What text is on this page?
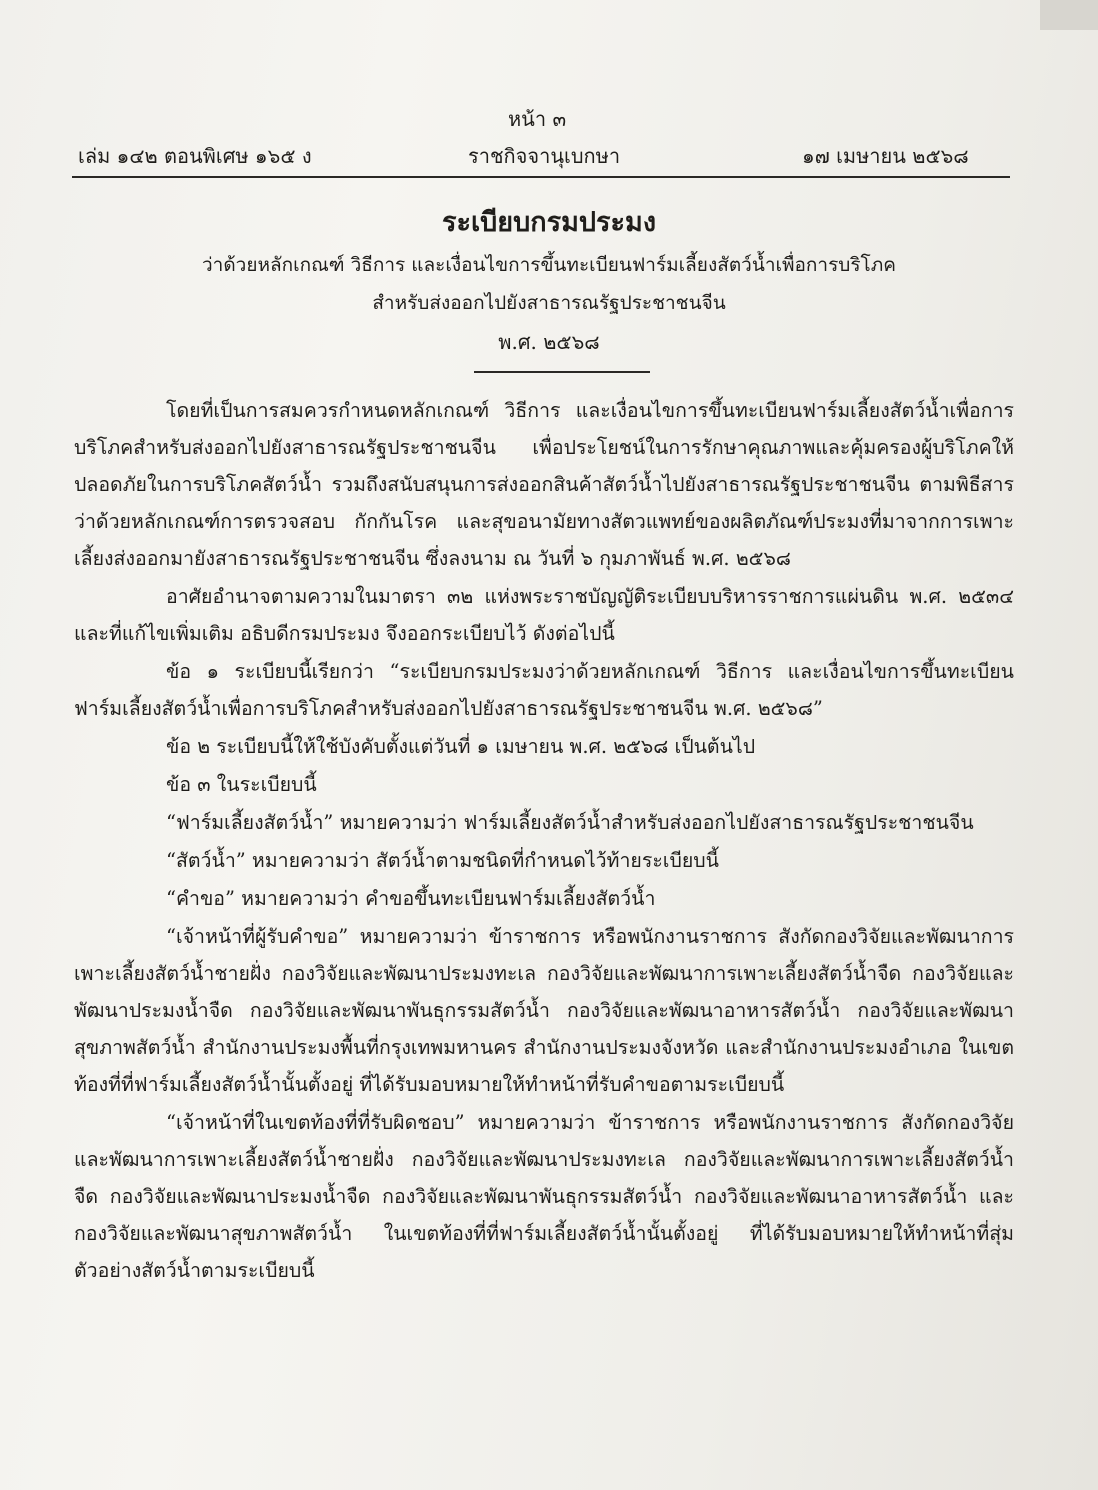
หน้า ๓
เล่ม ๑๔๒ ตอนพิเศษ ๑๖๕ ง	ราชกิจจานุเบกษา	๑๗ เมษายน ๒๕๖๘
ระเบียบกรมประมง
ว่าด้วยหลักเกณฑ์ วิธีการ และเงื่อนไขการขึ้นทะเบียนฟาร์มเลี้ยงสัตว์น้ำเพื่อการบริโภค
สำหรับส่งออกไปยังสาธารณรัฐประชาชนจีน
พ.ศ. ๒๕๖๘

โดยที่เป็นการสมควรกำหนดหลักเกณฑ์ วิธีการ และเงื่อนไขการขึ้นทะเบียนฟาร์มเลี้ยงสัตว์น้ำเพื่อการบริโภคสำหรับส่งออกไปยังสาธารณรัฐประชาชนจีน เพื่อประโยชน์ในการรักษาคุณภาพและคุ้มครองผู้บริโภคให้ปลอดภัยในการบริโภคสัตว์น้ำ รวมถึงสนับสนุนการส่งออกสินค้าสัตว์น้ำไปยังสาธารณรัฐประชาชนจีน ตามพิธีสารว่าด้วยหลักเกณฑ์การตรวจสอบ กักกันโรค และสุขอนามัยทางสัตวแพทย์ของผลิตภัณฑ์ประมงที่มาจากการเพาะเลี้ยงส่งออกมายังสาธารณรัฐประชาชนจีน ซึ่งลงนาม ณ วันที่ ๖ กุมภาพันธ์ พ.ศ. ๒๕๖๘

อาศัยอำนาจตามความในมาตรา ๓๒ แห่งพระราชบัญญัติระเบียบบริหารราชการแผ่นดิน พ.ศ. ๒๕๓๔ และที่แก้ไขเพิ่มเติม อธิบดีกรมประมง จึงออกระเบียบไว้ ดังต่อไปนี้

ข้อ ๑ ระเบียบนี้เรียกว่า “ระเบียบกรมประมงว่าด้วยหลักเกณฑ์ วิธีการ และเงื่อนไขการขึ้นทะเบียนฟาร์มเลี้ยงสัตว์น้ำเพื่อการบริโภคสำหรับส่งออกไปยังสาธารณรัฐประชาชนจีน พ.ศ. ๒๕๖๘”

ข้อ ๒ ระเบียบนี้ให้ใช้บังคับตั้งแต่วันที่ ๑ เมษายน พ.ศ. ๒๕๖๘ เป็นต้นไป

ข้อ ๓ ในระเบียบนี้

“ฟาร์มเลี้ยงสัตว์น้ำ” หมายความว่า ฟาร์มเลี้ยงสัตว์น้ำสำหรับส่งออกไปยังสาธารณรัฐประชาชนจีน

“สัตว์น้ำ” หมายความว่า สัตว์น้ำตามชนิดที่กำหนดไว้ท้ายระเบียบนี้

“คำขอ” หมายความว่า คำขอขึ้นทะเบียนฟาร์มเลี้ยงสัตว์น้ำ

“เจ้าหน้าที่ผู้รับคำขอ” หมายความว่า ข้าราชการ หรือพนักงานราชการ สังกัดกองวิจัยและพัฒนาการเพาะเลี้ยงสัตว์น้ำชายฝั่ง กองวิจัยและพัฒนาประมงทะเล กองวิจัยและพัฒนาการเพาะเลี้ยงสัตว์น้ำจืด กองวิจัยและพัฒนาประมงน้ำจืด กองวิจัยและพัฒนาพันธุกรรมสัตว์น้ำ กองวิจัยและพัฒนาอาหารสัตว์น้ำ กองวิจัยและพัฒนาสุขภาพสัตว์น้ำ สำนักงานประมงพื้นที่กรุงเทพมหานคร สำนักงานประมงจังหวัด และสำนักงานประมงอำเภอ ในเขตท้องที่ที่ฟาร์มเลี้ยงสัตว์น้ำนั้นตั้งอยู่ ที่ได้รับมอบหมายให้ทำหน้าที่รับคำขอตามระเบียบนี้

“เจ้าหน้าที่ในเขตท้องที่ที่รับผิดชอบ” หมายความว่า ข้าราชการ หรือพนักงานราชการ สังกัดกองวิจัยและพัฒนาการเพาะเลี้ยงสัตว์น้ำชายฝั่ง กองวิจัยและพัฒนาประมงทะเล กองวิจัยและพัฒนาการเพาะเลี้ยงสัตว์น้ำจืด กองวิจัยและพัฒนาประมงน้ำจืด กองวิจัยและพัฒนาพันธุกรรมสัตว์น้ำ กองวิจัยและพัฒนาอาหารสัตว์น้ำ และกองวิจัยและพัฒนาสุขภาพสัตว์น้ำ ในเขตท้องที่ที่ฟาร์มเลี้ยงสัตว์น้ำนั้นตั้งอยู่ ที่ได้รับมอบหมายให้ทำหน้าที่สุ่มตัวอย่างสัตว์น้ำตามระเบียบนี้
